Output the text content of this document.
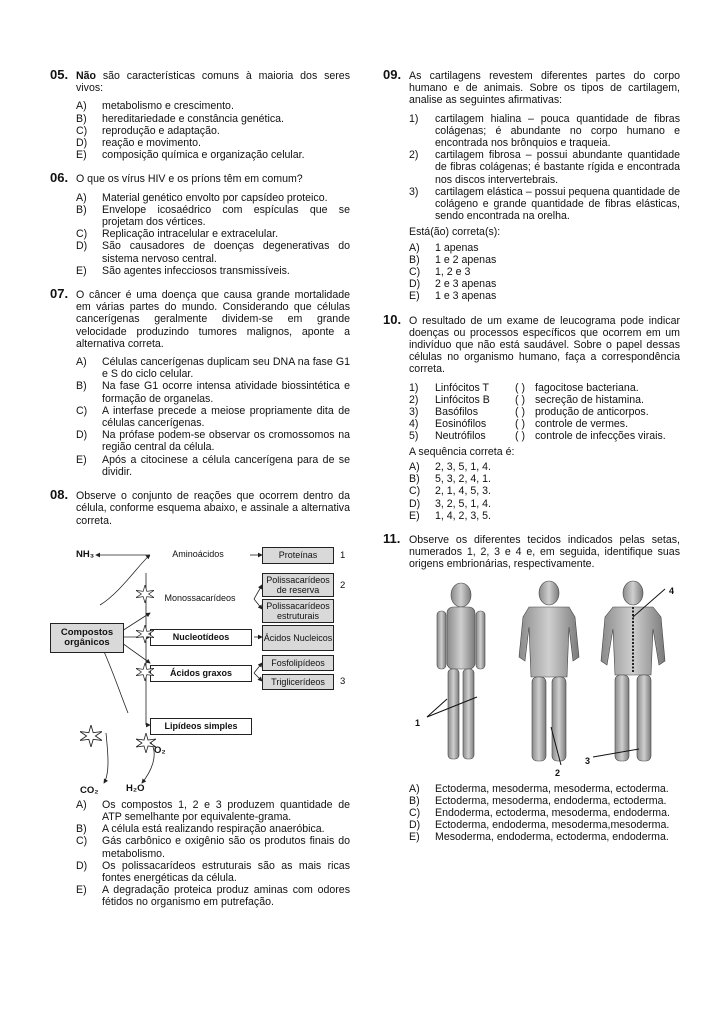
05. Não são características comuns à maioria dos seres vivos:
A)	metabolismo e crescimento.
B)	hereditariedade e constância genética.
C)	reprodução e adaptação.
D)	reação e movimento.
E)	composição química e organização celular.
06. O que os vírus HIV e os príons têm em comum?
A)	Material genético envolto por capsídeo proteico.
B)	Envelope icosaédrico com espículas que se projetam dos vértices.
C)	Replicação intracelular e extracelular.
D)	São causadores de doenças degenerativas do sistema nervoso central.
E)	São agentes infecciosos transmissíveis.
07. O câncer é uma doença que causa grande mortalidade em várias partes do mundo. Considerando que células cancerígenas geralmente dividem-se em grande velocidade produzindo tumores malignos, aponte a alternativa correta.
A)	Células cancerígenas duplicam seu DNA na fase G1 e S do ciclo celular.
B)	Na fase G1 ocorre intensa atividade biossintética e formação de organelas.
C)	A interfase precede a meiose propriamente dita de células cancerígenas.
D)	Na prófase podem-se observar os cromossomos na região central da célula.
E)	Após a citocinese a célula cancerígena para de se dividir.
08. Observe o conjunto de reações que ocorrem dentro da célula, conforme esquema abaixo, e assinale a alternativa correta.
NH₃	Aminoácidos	Proteínas	1
Polissacarídeos de reserva	2
Monossacarídeos
Polissacarídeos estruturais
Compostos orgânicos	Nucleotídeos	Ácidos Nucleicos
Fosfolipídeos
Ácidos graxos
Triglicerídeos	3
Lipídeos simples
O₂
CO₂	H₂O
A)	Os compostos 1, 2 e 3 produzem quantidade de ATP semelhante por equivalente-grama.
B)	A célula está realizando respiração anaeróbica.
C)	Gás carbônico e oxigênio são os produtos finais do metabolismo.
D)	Os polissacarídeos estruturais são as mais ricas fontes energéticas da célula.
E)	A degradação proteica produz aminas com odores fétidos no organismo em putrefação.
09. As cartilagens revestem diferentes partes do corpo humano e de animais. Sobre os tipos de cartilagem, analise as seguintes afirmativas:
1)	cartilagem hialina – pouca quantidade de fibras colágenas; é abundante no corpo humano e encontrada nos brônquios e traqueia.
2)	cartilagem fibrosa – possui abundante quantidade de fibras colágenas; é bastante rígida e encontrada nos discos intervertebrais.
3)	cartilagem elástica – possui pequena quantidade de colágeno e grande quantidade de fibras elásticas, sendo encontrada na orelha.
Está(ão) correta(s):
A)	1 apenas
B)	1 e 2 apenas
C)	1, 2 e 3
D)	2 e 3 apenas
E)	1 e 3 apenas
10. O resultado de um exame de leucograma pode indicar doenças ou processos específicos que ocorrem em um indivíduo que não está saudável. Sobre o papel dessas células no organismo humano, faça a correspondência correta.
1)	Linfócitos T	( ) fagocitose bacteriana.
2)	Linfócitos B	( ) secreção de histamina.
3)	Basófilos	( ) produção de anticorpos.
4)	Eosinófilos	( ) controle de vermes.
5)	Neutrófilos	( ) controle de infecções virais.
A sequência correta é:
A)	2, 3, 5, 1, 4.
B)	5, 3, 2, 4, 1.
C)	2, 1, 4, 5, 3.
D)	3, 2, 5, 1, 4.
E)	1, 4, 2, 3, 5.
11. Observe os diferentes tecidos indicados pelas setas, numerados 1, 2, 3 e 4 e, em seguida, identifique suas origens embrionárias, respectivamente.
1
2
3
4
A)	Ectoderma, mesoderma, mesoderma, ectoderma.
B)	Ectoderma, mesoderma, endoderma, ectoderma.
C)	Endoderma, ectoderma, mesoderma, endoderma.
D)	Ectoderma, endoderma, mesoderma,mesoderma.
E)	Mesoderma, endoderma, ectoderma, endoderma.
